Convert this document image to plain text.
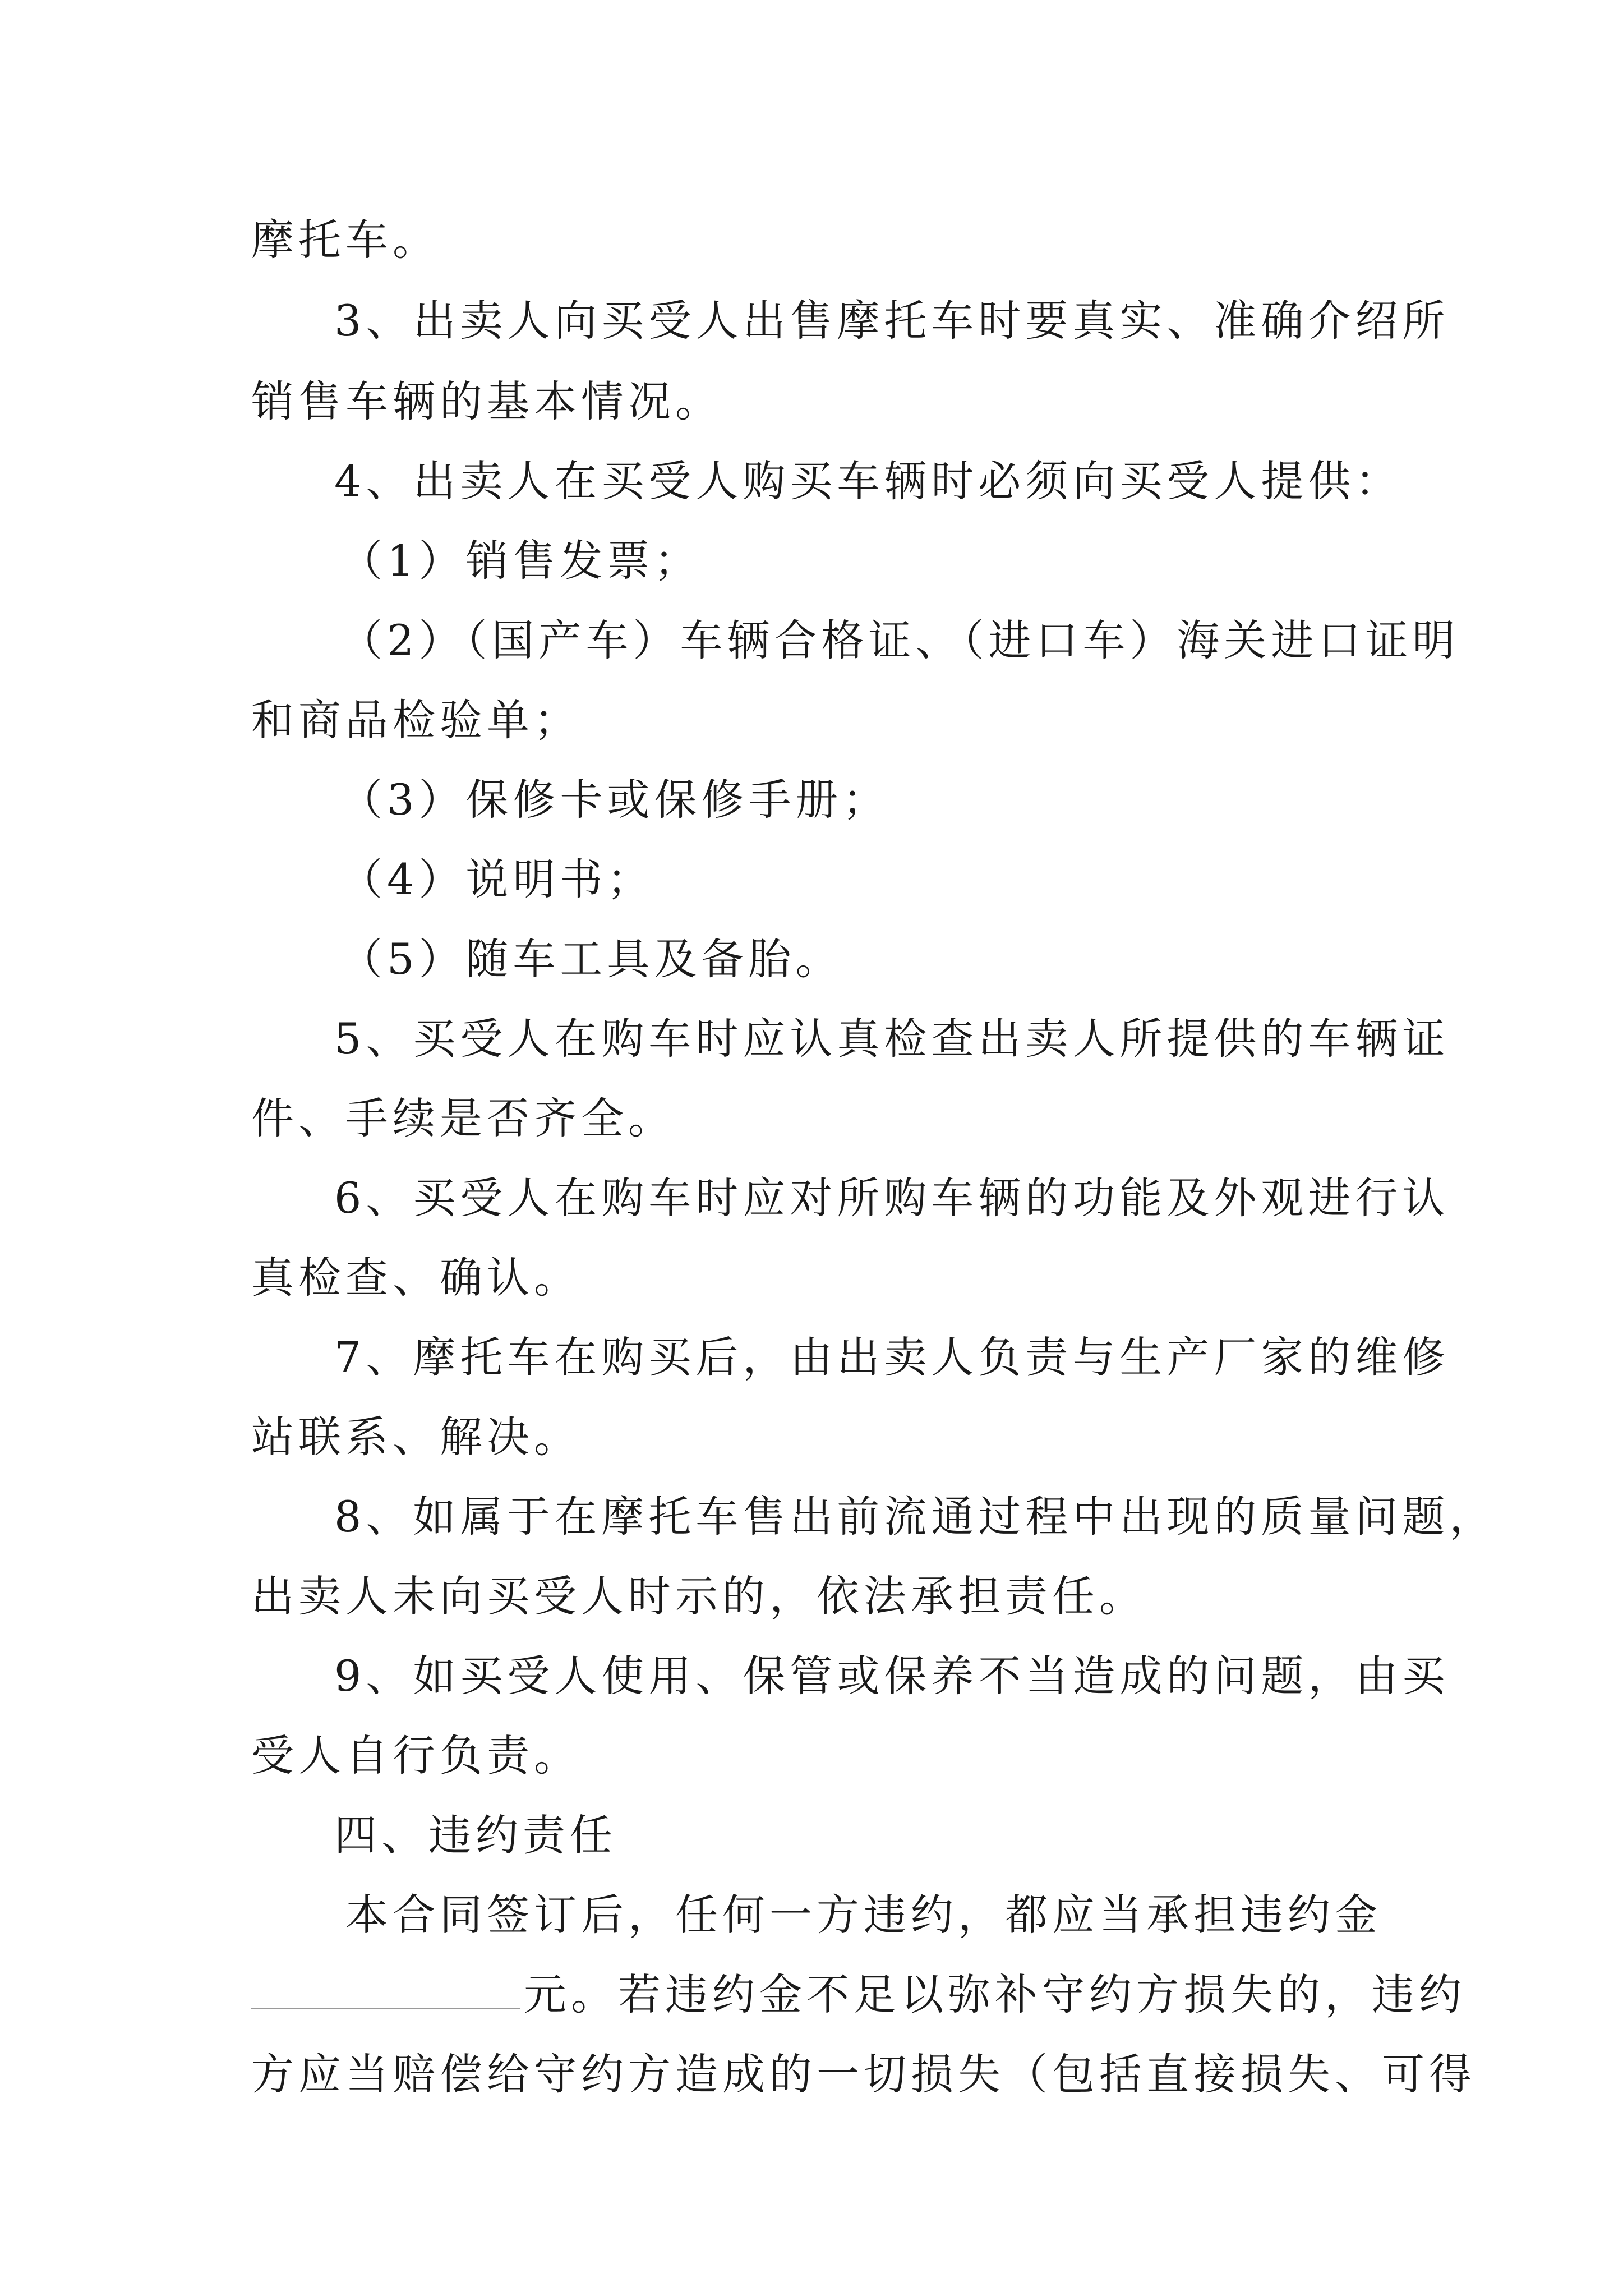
摩托车。
3、出卖人向买受人出售摩托车时要真实、准确介绍所
销售车辆的基本情况。
4、出卖人在买受人购买车辆时必须向买受人提供：
（1）销售发票；
（2）（国产车）车辆合格证、（进口车）海关进口证明
和商品检验单；
（3）保修卡或保修手册；
（4）说明书；
（5）随车工具及备胎。
5、买受人在购车时应认真检查出卖人所提供的车辆证
件、手续是否齐全。
6、买受人在购车时应对所购车辆的功能及外观进行认
真检查、确认。
7、摩托车在购买后，由出卖人负责与生产厂家的维修
站联系、解决。
8、如属于在摩托车售出前流通过程中出现的质量问题，
出卖人未向买受人时示的，依法承担责任。
9、如买受人使用、保管或保养不当造成的问题，由买
受人自行负责。
四、违约责任
本合同签订后，任何一方违约，都应当承担违约金
元。若违约金不足以弥补守约方损失的，违约
方应当赔偿给守约方造成的一切损失（包括直接损失、可得
